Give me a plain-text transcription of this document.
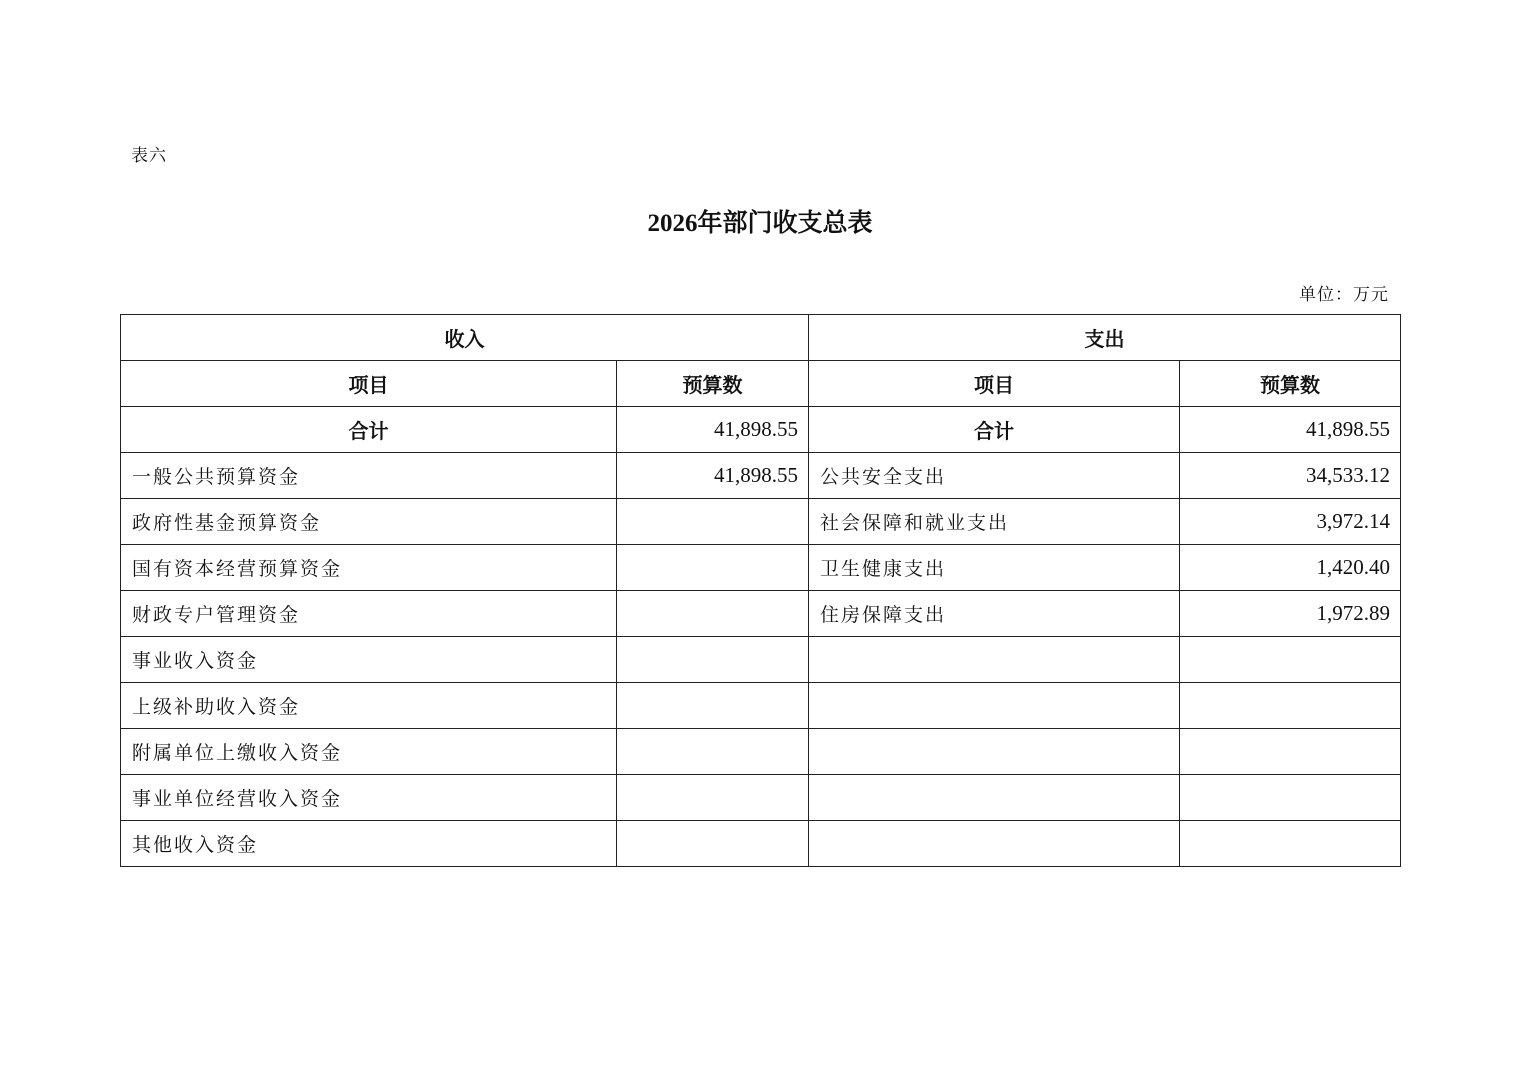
表六
2026年部门收支总表
单位：万元
收入		支出	
项目	预算数	项目	预算数
合计	41,898.55	合计	41,898.55
一般公共预算资金	41,898.55	公共安全支出	34,533.12
政府性基金预算资金		社会保障和就业支出	3,972.14
国有资本经营预算资金		卫生健康支出	1,420.40
财政专户管理资金		住房保障支出	1,972.89
事业收入资金			
上级补助收入资金			
附属单位上缴收入资金			
事业单位经营收入资金			
其他收入资金			
